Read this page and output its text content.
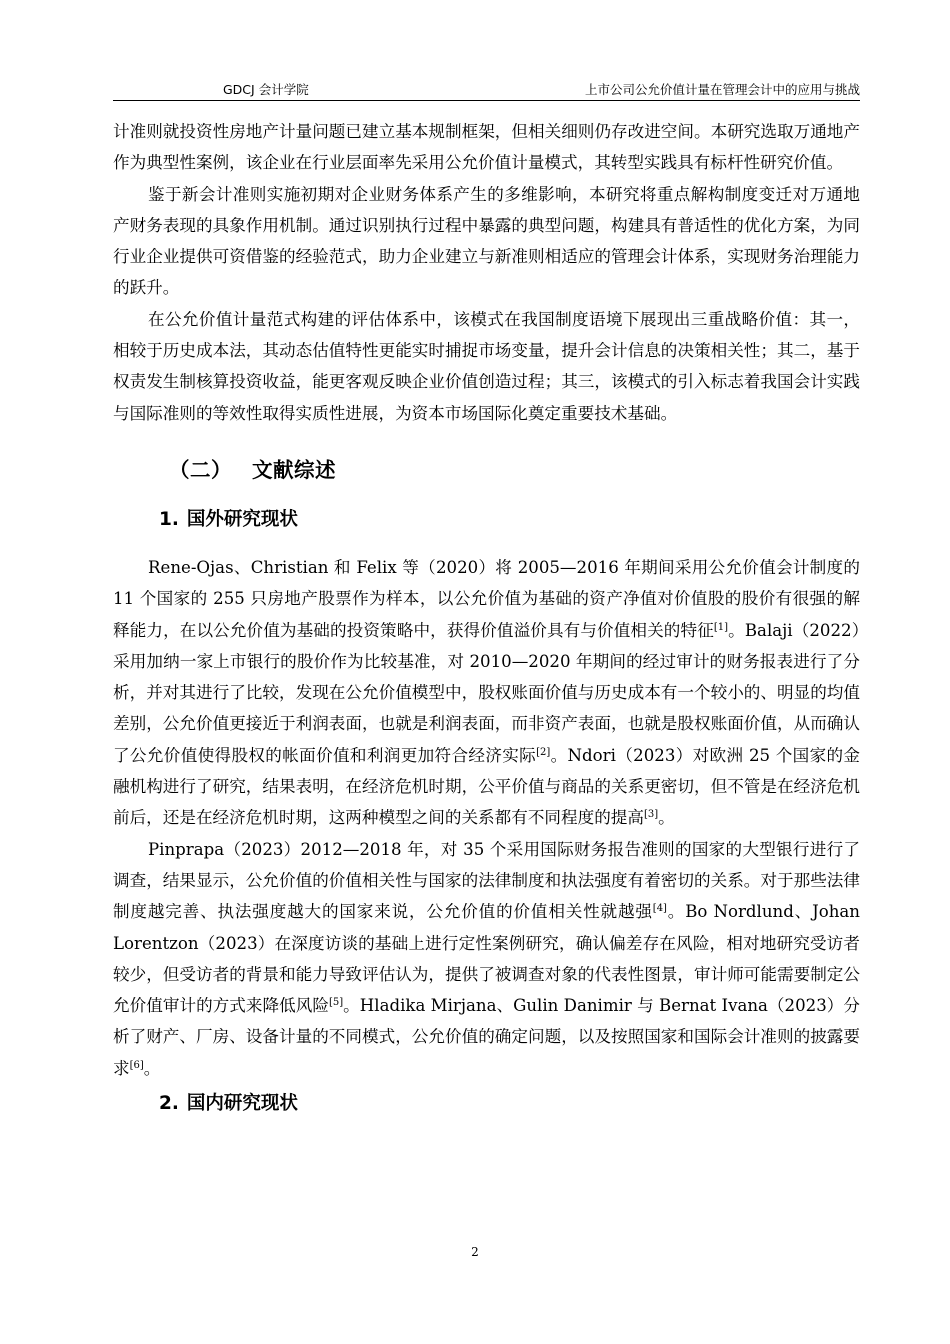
GDCJ 会计学院	上市公司公允价值计量在管理会计中的应用与挑战

计准则就投资性房地产计量问题已建立基本规制框架，但相关细则仍存改进空间。本研究选取万通地产作为典型性案例，该企业在行业层面率先采用公允价值计量模式，其转型实践具有标杆性研究价值。

鉴于新会计准则实施初期对企业财务体系产生的多维影响，本研究将重点解构制度变迁对万通地产财务表现的具象作用机制。通过识别执行过程中暴露的典型问题，构建具有普适性的优化方案，为同行业企业提供可资借鉴的经验范式，助力企业建立与新准则相适应的管理会计体系，实现财务治理能力的跃升。

在公允价值计量范式构建的评估体系中，该模式在我国制度语境下展现出三重战略价值：其一，相较于历史成本法，其动态估值特性更能实时捕捉市场变量，提升会计信息的决策相关性；其二，基于权责发生制核算投资收益，能更客观反映企业价值创造过程；其三，该模式的引入标志着我国会计实践与国际准则的等效性取得实质性进展，为资本市场国际化奠定重要技术基础。

（二） 文献综述
1. 国外研究现状

Rene-Ojas、Christian 和 Felix 等（2020）将 2005—2016 年期间采用公允价值会计制度的 11 个国家的 255 只房地产股票作为样本，以公允价值为基础的资产净值对价值股的股价有很强的解释能力，在以公允价值为基础的投资策略中，获得价值溢价具有与价值相关的特征[1]。Balaji（2022）采用加纳一家上市银行的股价作为比较基准，对 2010—2020 年期间的经过审计的财务报表进行了分析，并对其进行了比较，发现在公允价值模型中，股权账面价值与历史成本有一个较小的、明显的均值差别，公允价值更接近于利润表面，也就是利润表面，而非资产表面，也就是股权账面价值，从而确认了公允价值使得股权的帐面价值和利润更加符合经济实际[2]。Ndori（2023）对欧洲 25 个国家的金融机构进行了研究，结果表明，在经济危机时期，公平价值与商品的关系更密切，但不管是在经济危机前后，还是在经济危机时期，这两种模型之间的关系都有不同程度的提高[3]。

Pinprapa（2023）2012—2018 年，对 35 个采用国际财务报告准则的国家的大型银行进行了调查，结果显示，公允价值的价值相关性与国家的法律制度和执法强度有着密切的关系。对于那些法律制度越完善、执法强度越大的国家来说，公允价值的价值相关性就越强[4]。Bo Nordlund、Johan Lorentzon（2023）在深度访谈的基础上进行定性案例研究，确认偏差存在风险，相对地研究受访者较少，但受访者的背景和能力导致评估认为，提供了被调查对象的代表性图景，审计师可能需要制定公允价值审计的方式来降低风险[5]。Hladika Mirjana、Gulin Danimir 与 Bernat Ivana（2023）分析了财产、厂房、设备计量的不同模式，公允价值的确定问题，以及按照国家和国际会计准则的披露要求[6]。

2. 国内研究现状
2
